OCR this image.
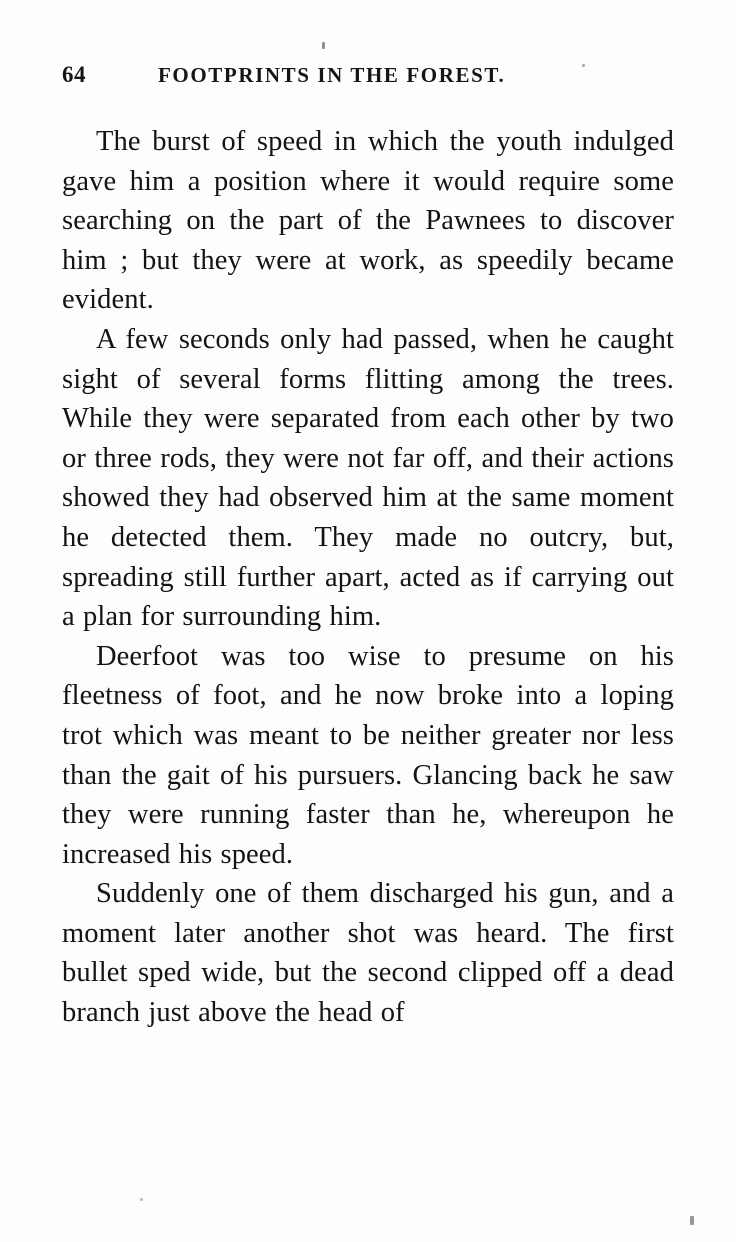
64	FOOTPRINTS IN THE FOREST.

The burst of speed in which the youth indulged gave him a position where it would require some searching on the part of the Pawnees to discover him ; but they were at work, as speedily became evident.

A few seconds only had passed, when he caught sight of several forms flitting among the trees. While they were separated from each other by two or three rods, they were not far off, and their actions showed they had observed him at the same moment he detected them. They made no outcry, but, spreading still further apart, acted as if carrying out a plan for surrounding him.

Deerfoot was too wise to presume on his fleetness of foot, and he now broke into a loping trot which was meant to be neither greater nor less than the gait of his pursuers. Glancing back he saw they were running faster than he, whereupon he increased his speed.

Suddenly one of them discharged his gun, and a moment later another shot was heard. The first bullet sped wide, but the second clipped off a dead branch just above the head of
